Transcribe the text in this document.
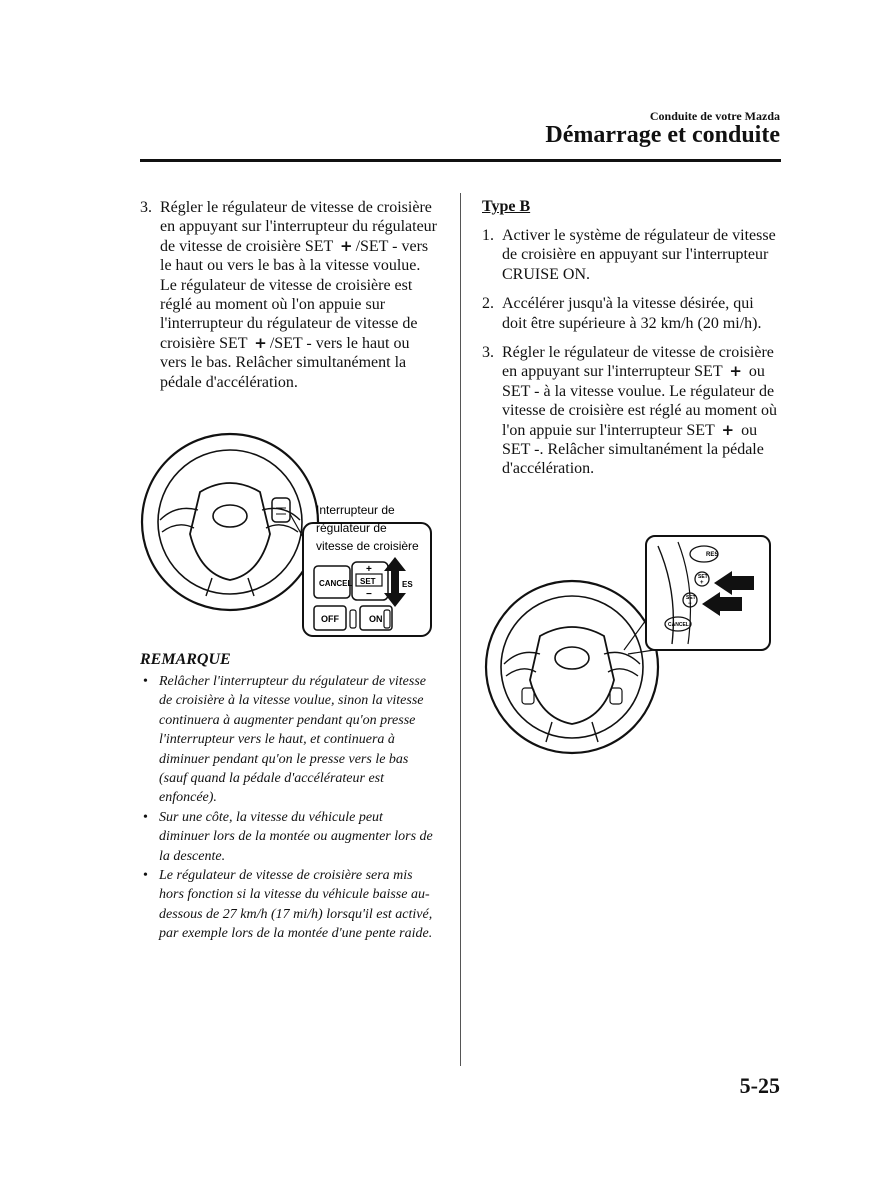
Conduite de votre Mazda
Démarrage et conduite
3. Régler le régulateur de vitesse de croisière en appuyant sur l'interrupteur du régulateur de vitesse de croisière SET + /SET - vers le haut ou vers le bas à la vitesse voulue. Le régulateur de vitesse de croisière est réglé au moment où l'on appuie sur l'interrupteur du régulateur de vitesse de croisière SET + /SET - vers le haut ou vers le bas. Relâcher simultanément la pédale d'accélération.
Interrupteur de
régulateur de
vitesse de croisière
CANCEL SET
+
−
ES
OFF	ON
REMARQUE
• Relâcher l'interrupteur du régulateur de vitesse de croisière à la vitesse voulue, sinon la vitesse continuera à augmenter pendant qu'on presse l'interrupteur vers le haut, et continuera à diminuer pendant qu'on le presse vers le bas (sauf quand la pédale d'accélérateur est enfoncée).
• Sur une côte, la vitesse du véhicule peut diminuer lors de la montée ou augmenter lors de la descente.
• Le régulateur de vitesse de croisière sera mis hors fonction si la vitesse du véhicule baisse au-dessous de 27 km/h (17 mi/h) lorsqu'il est activé, par exemple lors de la montée d'une pente raide.
Type B
1. Activer le système de régulateur de vitesse de croisière en appuyant sur l'interrupteur CRUISE ON.
2. Accélérer jusqu'à la vitesse désirée, qui doit être supérieure à 32 km/h (20 mi/h).
3. Régler le régulateur de vitesse de croisière en appuyant sur l'interrupteur SET + ou SET - à la vitesse voulue. Le régulateur de vitesse de croisière est réglé au moment où l'on appuie sur l'interrupteur SET + ou SET -. Relâcher simultanément la pédale d'accélération.
RES
SET
+
SET
−
CANCEL
5-25
